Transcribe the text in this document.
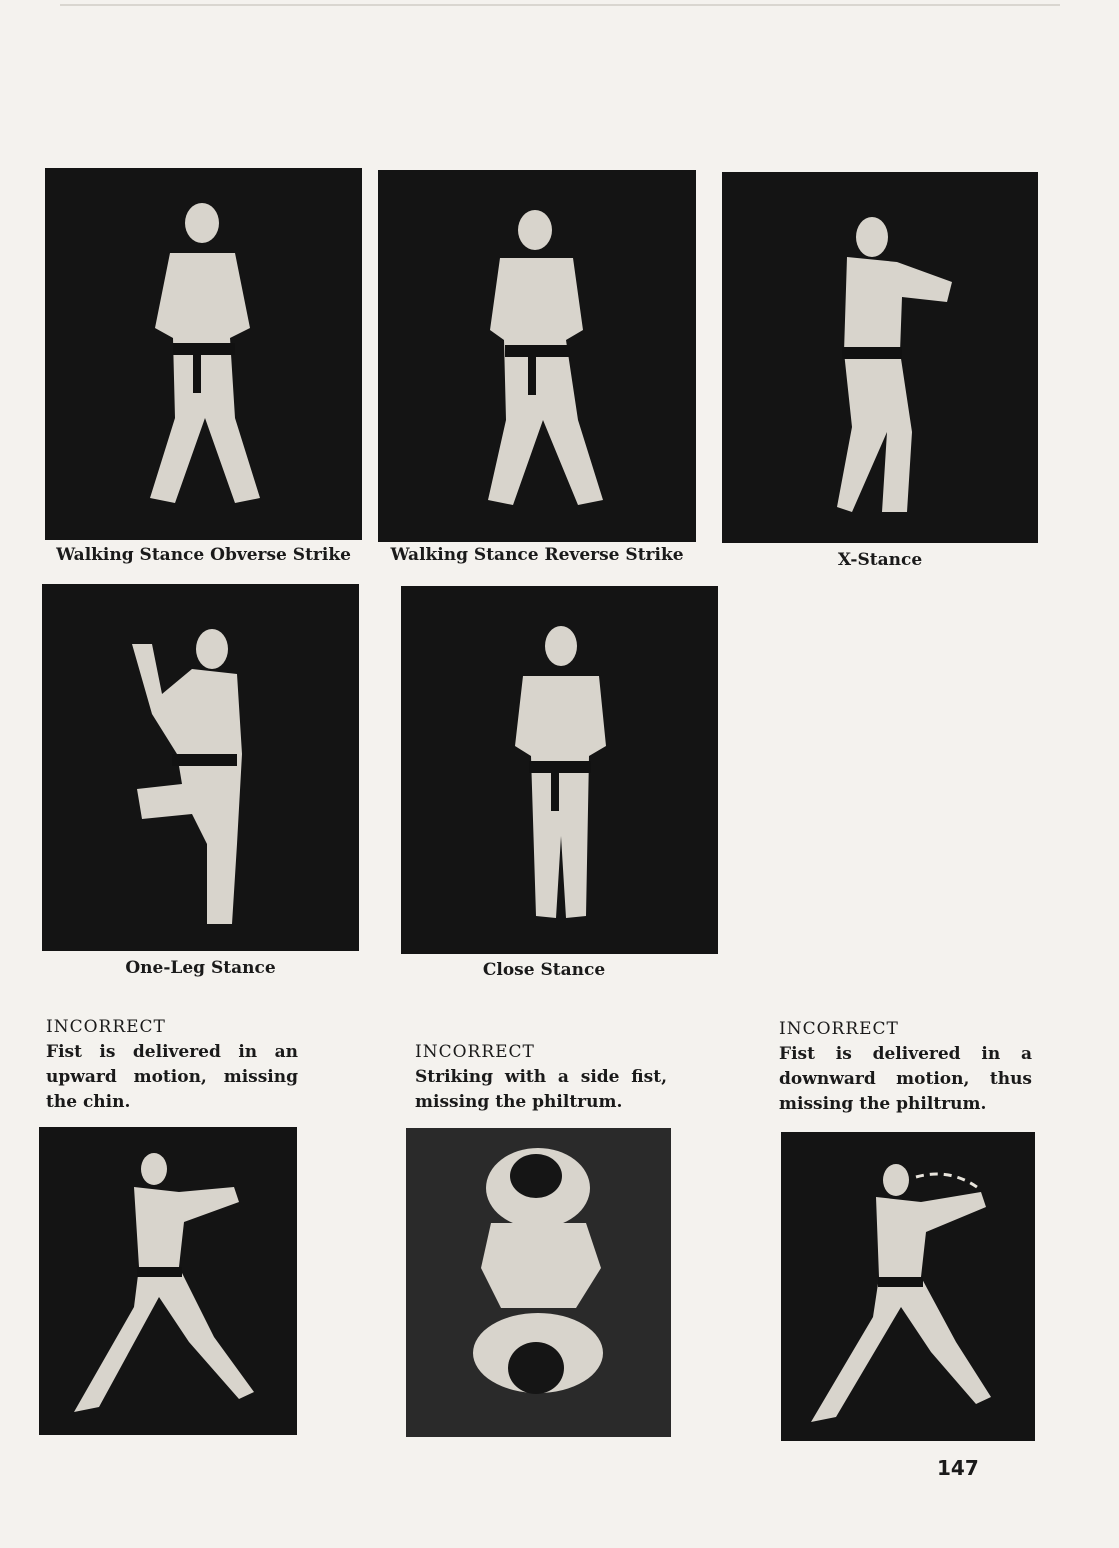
Walking Stance Obverse Strike	Walking Stance Reverse Strike	X-Stance
One-Leg Stance	Close Stance
INCORRECT
Fist is delivered in an upward motion, missing the chin.
INCORRECT
Striking with a side fist, missing the philtrum.
INCORRECT
Fist is delivered in a downward motion, thus missing the philtrum.
147
